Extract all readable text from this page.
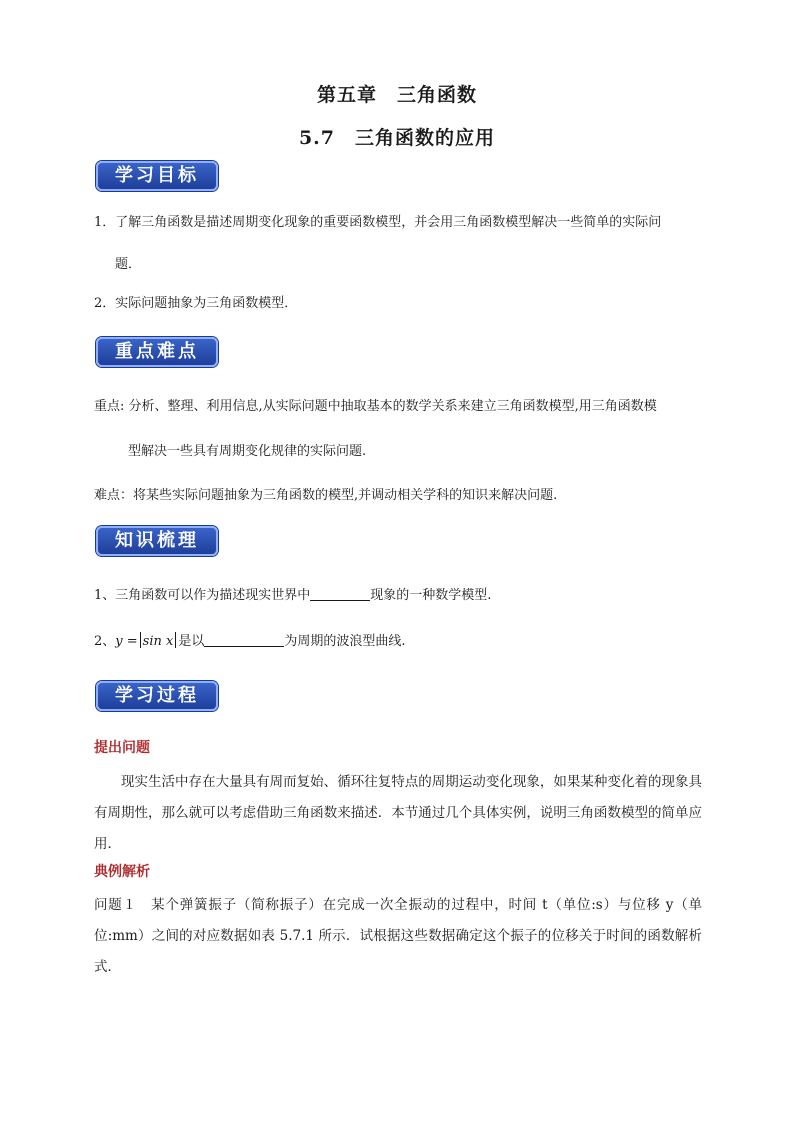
第五章 三角函数
5.7 三角函数的应用
学习目标
1．了解三角函数是描述周期变化现象的重要函数模型，并会用三角函数模型解决一些简单的实际问
题．
2．实际问题抽象为三角函数模型．
重点难点
重点: 分析、整理、利用信息,从实际问题中抽取基本的数学关系来建立三角函数模型,用三角函数模
型解决一些具有周期变化规律的实际问题.
难点：将某些实际问题抽象为三角函数的模型,并调动相关学科的知识来解决问题.
知识梳理
1、三角函数可以作为描述现实世界中	现象的一种数学模型.
2、y = sin x 是以	为周期的波浪型曲线.
学习过程
提出问题
现实生活中存在大量具有周而复始、循环往复特点的周期运动变化现象，如果某种变化着的现象具有周期性，那么就可以考虑借助三角函数来描述．本节通过几个具体实例，说明三角函数模型的简单应用．
典例解析
问题１　某个弹簧振子（简称振子）在完成一次全振动的过程中，时间 t（单位:s）与位移 y（单位:mm）之间的对应数据如表 5.7.1 所示．试根据这些数据确定这个振子的位移关于时间的函数解析式．
